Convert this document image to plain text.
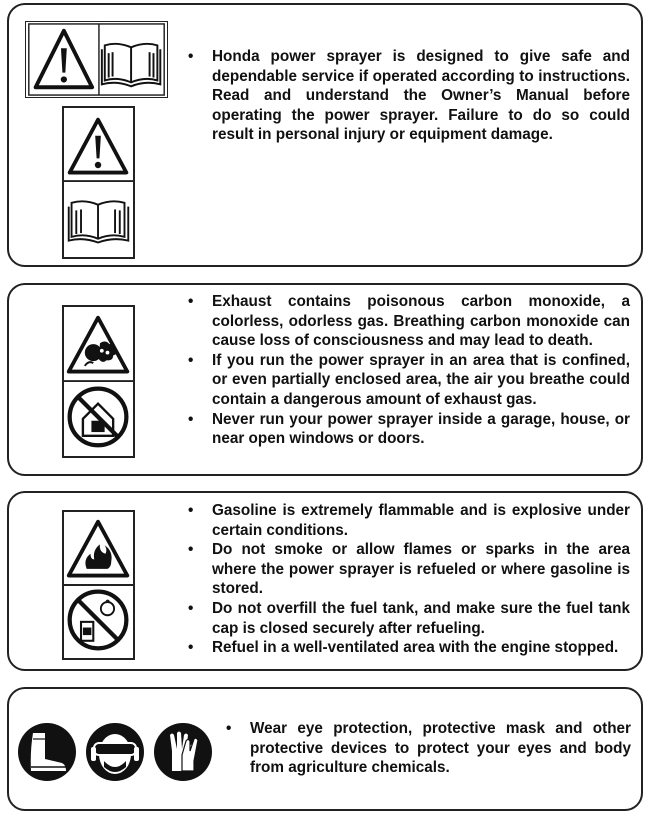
• Honda power sprayer is designed to give safe and dependable service if operated according to instructions. Read and understand the Owner’s Manual before operating the power sprayer. Failure to do so could result in personal injury or equipment damage.
• Exhaust contains poisonous carbon monoxide, a colorless, odorless gas. Breathing carbon monoxide can cause loss of consciousness and may lead to death.
• If you run the power sprayer in an area that is confined, or even partially enclosed area, the air you breathe could contain a dangerous amount of exhaust gas.
• Never run your power sprayer inside a garage, house, or near open windows or doors.
• Gasoline is extremely flammable and is explosive under certain conditions.
• Do not smoke or allow flames or sparks in the area where the power sprayer is refueled or where gasoline is stored.
• Do not overfill the fuel tank, and make sure the fuel tank cap is closed securely after refueling.
• Refuel in a well-ventilated area with the engine stopped.
• Wear eye protection, protective mask and other protective devices to protect your eyes and body from agriculture chemicals.
